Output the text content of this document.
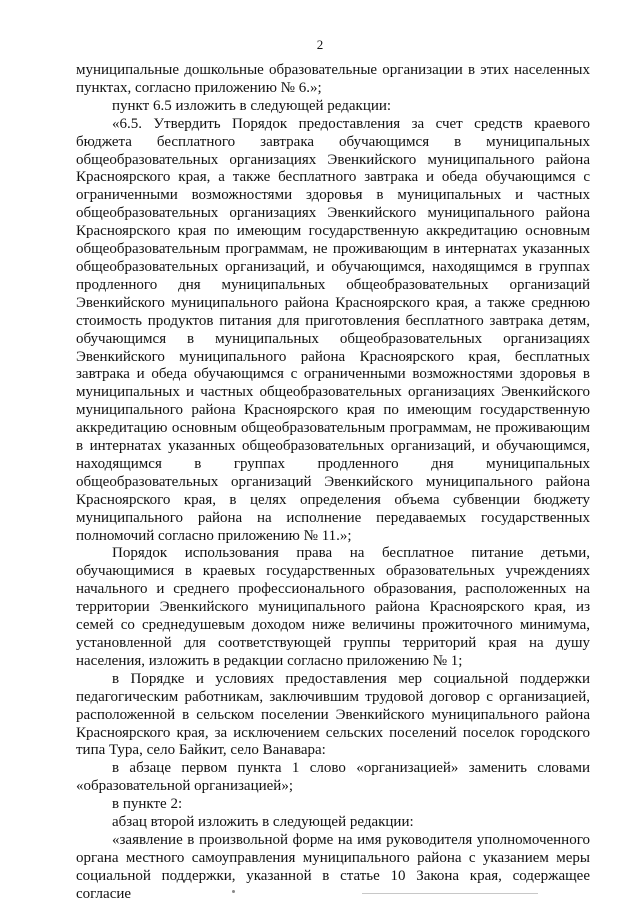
2

муниципальные дошкольные образовательные организации в этих населенных пунктах, согласно приложению № 6.»;

пункт 6.5 изложить в следующей редакции:

«6.5. Утвердить Порядок предоставления за счет средств краевого бюджета бесплатного завтрака обучающимся в муниципальных общеобразовательных организациях Эвенкийского муниципального района Красноярского края, а также бесплатного завтрака и обеда обучающимся с ограниченными возможностями здоровья в муниципальных и частных общеобразовательных организациях Эвенкийского муниципального района Красноярского края по имеющим государственную аккредитацию основным общеобразовательным программам, не проживающим в интернатах указанных общеобразовательных организаций, и обучающимся, находящимся в группах продленного дня муниципальных общеобразовательных организаций Эвенкийского муниципального района Красноярского края, а также среднюю стоимость продуктов питания для приготовления бесплатного завтрака детям, обучающимся в муниципальных общеобразовательных организациях Эвенкийского муниципального района Красноярского края, бесплатных завтрака и обеда обучающимся с ограниченными возможностями здоровья в муниципальных и частных общеобразовательных организациях Эвенкийского муниципального района Красноярского края по имеющим государственную аккредитацию основным общеобразовательным программам, не проживающим в интернатах указанных общеобразовательных организаций, и обучающимся, находящимся в группах продленного дня муниципальных общеобразовательных организаций Эвенкийского муниципального района Красноярского края, в целях определения объема субвенции бюджету муниципального района на исполнение передаваемых государственных полномочий согласно приложению № 11.»;

Порядок использования права на бесплатное питание детьми, обучающимися в краевых государственных образовательных учреждениях начального и среднего профессионального образования, расположенных на территории Эвенкийского муниципального района Красноярского края, из семей со среднедушевым доходом ниже величины прожиточного минимума, установленной для соответствующей группы территорий края на душу населения, изложить в редакции согласно приложению № 1;

в Порядке и условиях предоставления мер социальной поддержки педагогическим работникам, заключившим трудовой договор с организацией, расположенной в сельском поселении Эвенкийского муниципального района Красноярского края, за исключением сельских поселений поселок городского типа Тура, село Байкит, село Ванавара:

в абзаце первом пункта 1 слово «организацией» заменить словами «образовательной организацией»;

в пункте 2:

абзац второй изложить в следующей редакции:

«заявление в произвольной форме на имя руководителя уполномоченного органа местного самоуправления муниципального района с указанием меры социальной поддержки, указанной в статье 10 Закона края, содержащее согласие
